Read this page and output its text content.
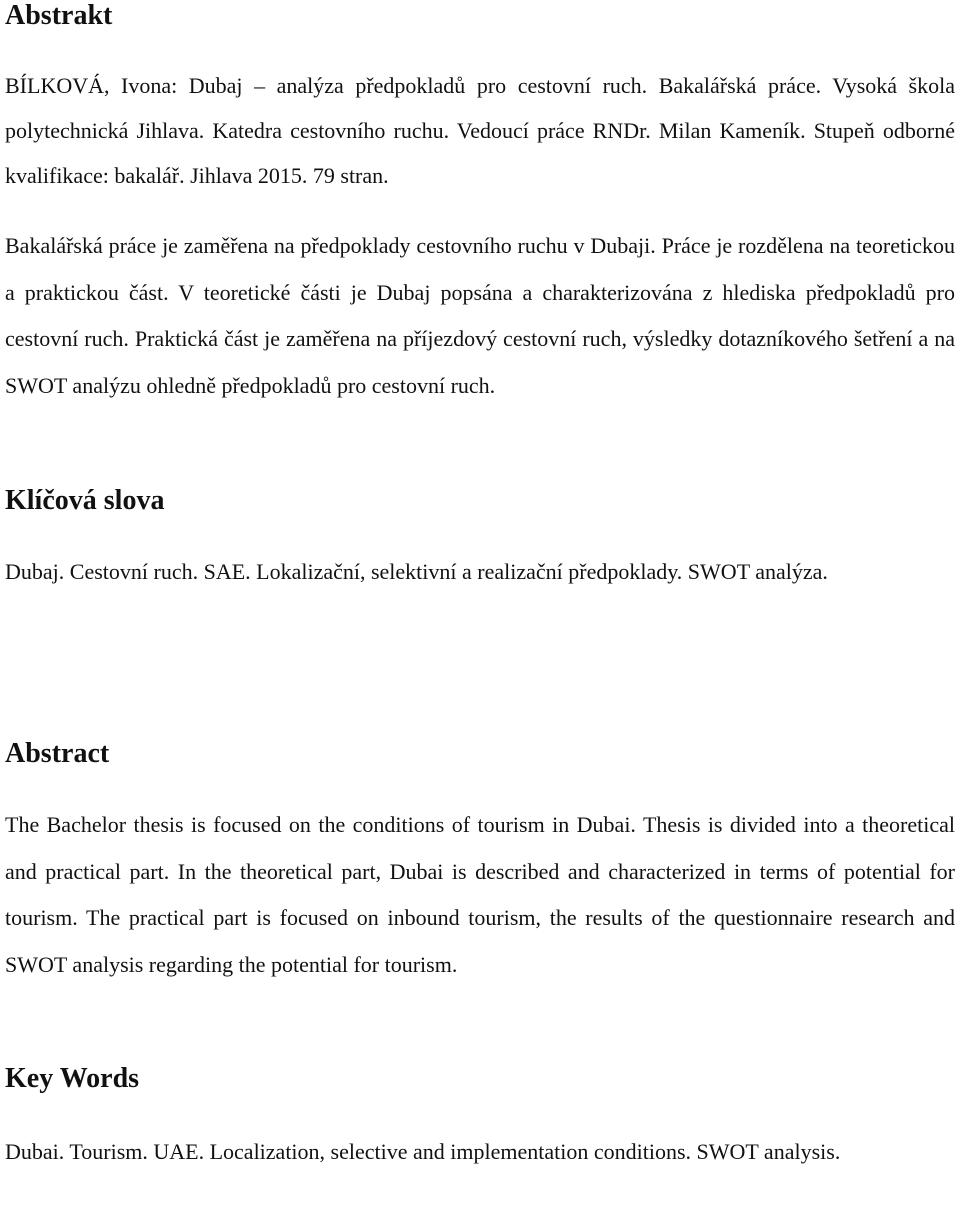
Abstrakt

BÍLKOVÁ, Ivona: Dubaj – analýza předpokladů pro cestovní ruch. Bakalářská práce. Vysoká škola polytechnická Jihlava. Katedra cestovního ruchu. Vedoucí práce RNDr. Milan Kameník. Stupeň odborné kvalifikace: bakalář. Jihlava 2015. 79 stran.

Bakalářská práce je zaměřena na předpoklady cestovního ruchu v Dubaji. Práce je rozdělena na teoretickou a praktickou část. V teoretické části je Dubaj popsána a charakterizována z hlediska předpokladů pro cestovní ruch. Praktická část je zaměřena na příjezdový cestovní ruch, výsledky dotazníkového šetření a na SWOT analýzu ohledně předpokladů pro cestovní ruch.

Klíčová slova

Dubaj. Cestovní ruch. SAE. Lokalizační, selektivní a realizační předpoklady. SWOT analýza.

Abstract

The Bachelor thesis is focused on the conditions of tourism in Dubai. Thesis is divided into a theoretical and practical part. In the theoretical part, Dubai is described and characterized in terms of potential for tourism. The practical part is focused on inbound tourism, the results of the questionnaire research and SWOT analysis regarding the potential for tourism.

Key Words

Dubai. Tourism. UAE. Localization, selective and implementation conditions. SWOT analysis.
